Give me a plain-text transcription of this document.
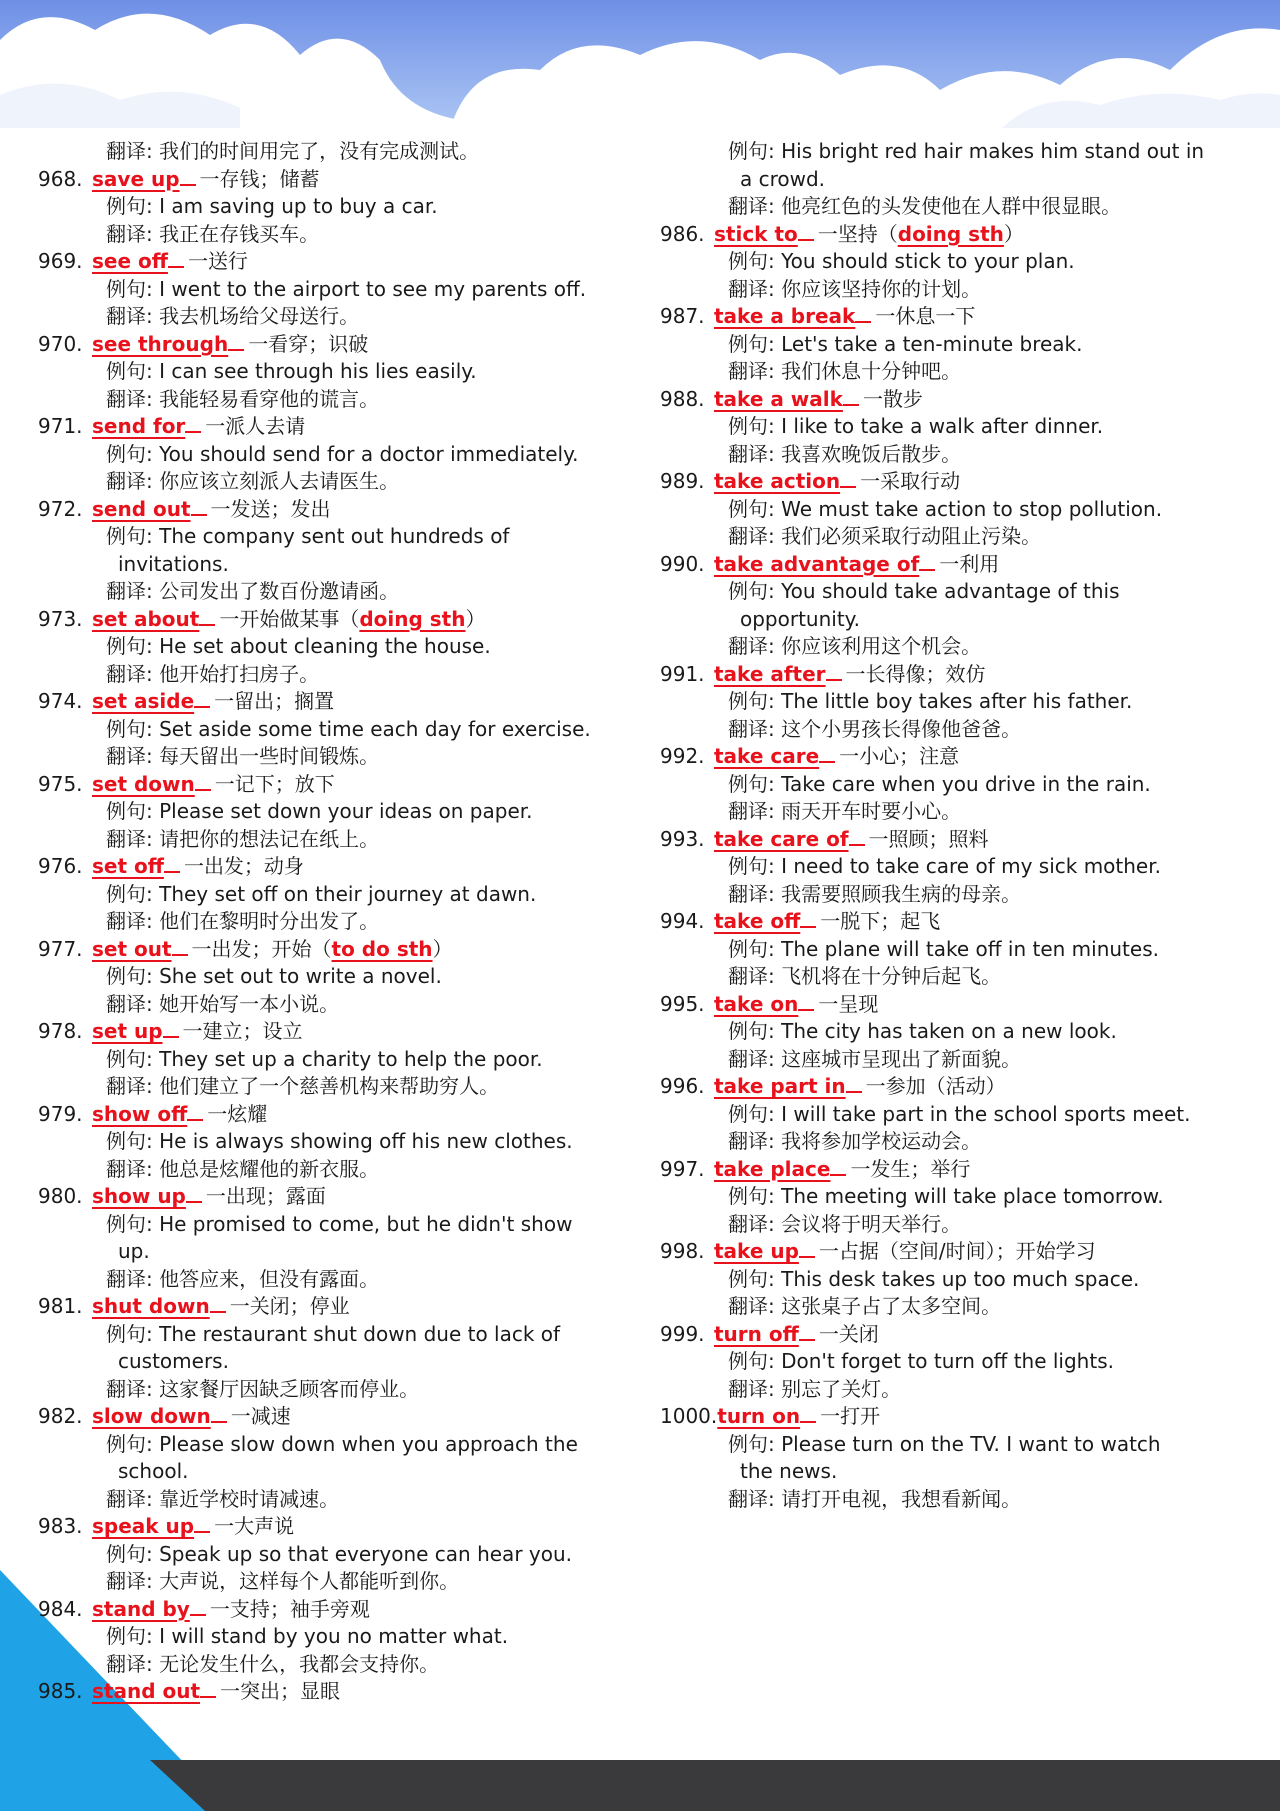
翻译: 我们的时间用完了，没有完成测试。
968. save up 一 存钱；储蓄
例句: I am saving up to buy a car.
翻译: 我正在存钱买车。
969. see off 一 送行
例句: I went to the airport to see my parents off.
翻译: 我去机场给父母送行。
970. see through 一 看穿；识破
例句: I can see through his lies easily.
翻译: 我能轻易看穿他的谎言。
971. send for 一 派人去请
例句: You should send for a doctor immediately.
翻译: 你应该立刻派人去请医生。
972. send out 一 发送；发出
例句: The company sent out hundreds of
invitations.
翻译: 公司发出了数百份邀请函。
973. set about 一 开始做某事（ doing sth ）
例句: He set about cleaning the house.
翻译: 他开始打扫房子。
974. set aside 一 留出；搁置
例句: Set aside some time each day for exercise.
翻译: 每天留出一些时间锻炼。
975. set down 一 记下；放下
例句: Please set down your ideas on paper.
翻译: 请把你的想法记在纸上。
976. set off 一 出发；动身
例句: They set off on their journey at dawn.
翻译: 他们在黎明时分出发了。
977. set out 一 出发；开始（ to do sth ）
例句: She set out to write a novel.
翻译: 她开始写一本小说。
978. set up 一 建立；设立
例句: They set up a charity to help the poor.
翻译: 他们建立了一个慈善机构来帮助穷人。
979. show off 一 炫耀
例句: He is always showing off his new clothes.
翻译: 他总是炫耀他的新衣服。
980. show up 一 出现；露面
例句: He promised to come, but he didn't show
up.
翻译: 他答应来，但没有露面。
981. shut down 一 关闭；停业
例句: The restaurant shut down due to lack of
customers.
翻译: 这家餐厅因缺乏顾客而停业。
982. slow down 一 减速
例句: Please slow down when you approach the
school.
翻译: 靠近学校时请减速。
983. speak up 一 大声说
例句: Speak up so that everyone can hear you.
翻译: 大声说，这样每个人都能听到你。
984. stand by 一 支持；袖手旁观
例句: I will stand by you no matter what.
翻译: 无论发生什么，我都会支持你。
985. stand out 一 突出；显眼
例句: His bright red hair makes him stand out in
a crowd.
翻译: 他亮红色的头发使他在人群中很显眼。
986. stick to 一 坚持（ doing sth ）
例句: You should stick to your plan.
翻译: 你应该坚持你的计划。
987. take a break 一 休息一下
例句: Let's take a ten-minute break.
翻译: 我们休息十分钟吧。
988. take a walk 一 散步
例句: I like to take a walk after dinner.
翻译: 我喜欢晚饭后散步。
989. take action 一 采取行动
例句: We must take action to stop pollution.
翻译: 我们必须采取行动阻止污染。
990. take advantage of 一 利用
例句: You should take advantage of this
opportunity.
翻译: 你应该利用这个机会。
991. take after 一 长得像；效仿
例句: The little boy takes after his father.
翻译: 这个小男孩长得像他爸爸。
992. take care 一 小心；注意
例句: Take care when you drive in the rain.
翻译: 雨天开车时要小心。
993. take care of 一 照顾；照料
例句: I need to take care of my sick mother.
翻译: 我需要照顾我生病的母亲。
994. take off 一 脱下；起飞
例句: The plane will take off in ten minutes.
翻译: 飞机将在十分钟后起飞。
995. take on 一 呈现
例句: The city has taken on a new look.
翻译: 这座城市呈现出了新面貌。
996. take part in 一 参加（活动）
例句: I will take part in the school sports meet.
翻译: 我将参加学校运动会。
997. take place 一 发生；举行
例句: The meeting will take place tomorrow.
翻译: 会议将于明天举行。
998. take up 一 占据（空间/时间）；开始学习
例句: This desk takes up too much space.
翻译: 这张桌子占了太多空间。
999. turn off 一 关闭
例句: Don't forget to turn off the lights.
翻译: 别忘了关灯。
1000. turn on 一 打开
例句: Please turn on the TV. I want to watch
the news.
翻译: 请打开电视，我想看新闻。
